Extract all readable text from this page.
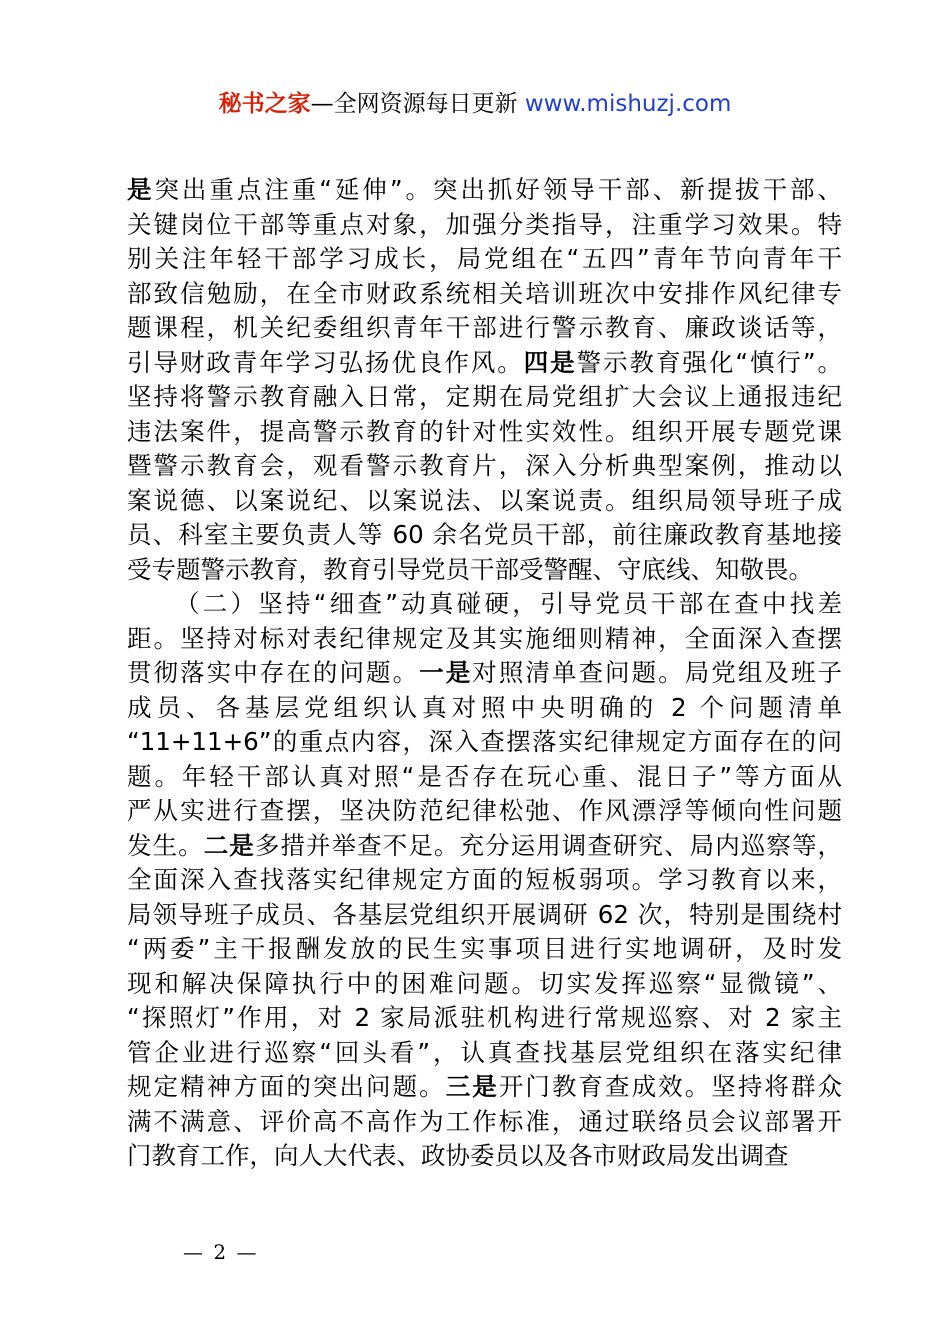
秘书之家—全网资源每日更新 www.mishuzj.com
是突出重点注重“延伸”。突出抓好领导干部、新提拔干部、
关键岗位干部等重点对象，加强分类指导，注重学习效果。特
别关注年轻干部学习成长，局党组在“五四”青年节向青年干
部致信勉励，在全市财政系统相关培训班次中安排作风纪律专
题课程，机关纪委组织青年干部进行警示教育、廉政谈话等，
引导财政青年学习弘扬优良作风。四是警示教育强化“慎行”。
坚持将警示教育融入日常，定期在局党组扩大会议上通报违纪
违法案件，提高警示教育的针对性实效性。组织开展专题党课
暨警示教育会，观看警示教育片，深入分析典型案例，推动以
案说德、以案说纪、以案说法、以案说责。组织局领导班子成
员、科室主要负责人等 60 余名党员干部，前往廉政教育基地接
受专题警示教育，教育引导党员干部受警醒、守底线、知敬畏。
（二）坚持“细查”动真碰硬，引导党员干部在查中找差
距。坚持对标对表纪律规定及其实施细则精神，全面深入查摆
贯彻落实中存在的问题。一是对照清单查问题。局党组及班子
成员、各基层党组织认真对照中央明确的 2 个问题清单
“11+11+6”的重点内容，深入查摆落实纪律规定方面存在的问
题。年轻干部认真对照“是否存在玩心重、混日子”等方面从
严从实进行查摆，坚决防范纪律松弛、作风漂浮等倾向性问题
发生。二是多措并举查不足。充分运用调查研究、局内巡察等，
全面深入查找落实纪律规定方面的短板弱项。学习教育以来，
局领导班子成员、各基层党组织开展调研 62 次，特别是围绕村
“两委”主干报酬发放的民生实事项目进行实地调研，及时发
现和解决保障执行中的困难问题。切实发挥巡察“显微镜”、
“探照灯”作用，对 2 家局派驻机构进行常规巡察、对 2 家主
管企业进行巡察“回头看”，认真查找基层党组织在落实纪律
规定精神方面的突出问题。三是开门教育查成效。坚持将群众
满不满意、评价高不高作为工作标准，通过联络员会议部署开
门教育工作，向人大代表、政协委员以及各市财政局发出调查
— 2 —
